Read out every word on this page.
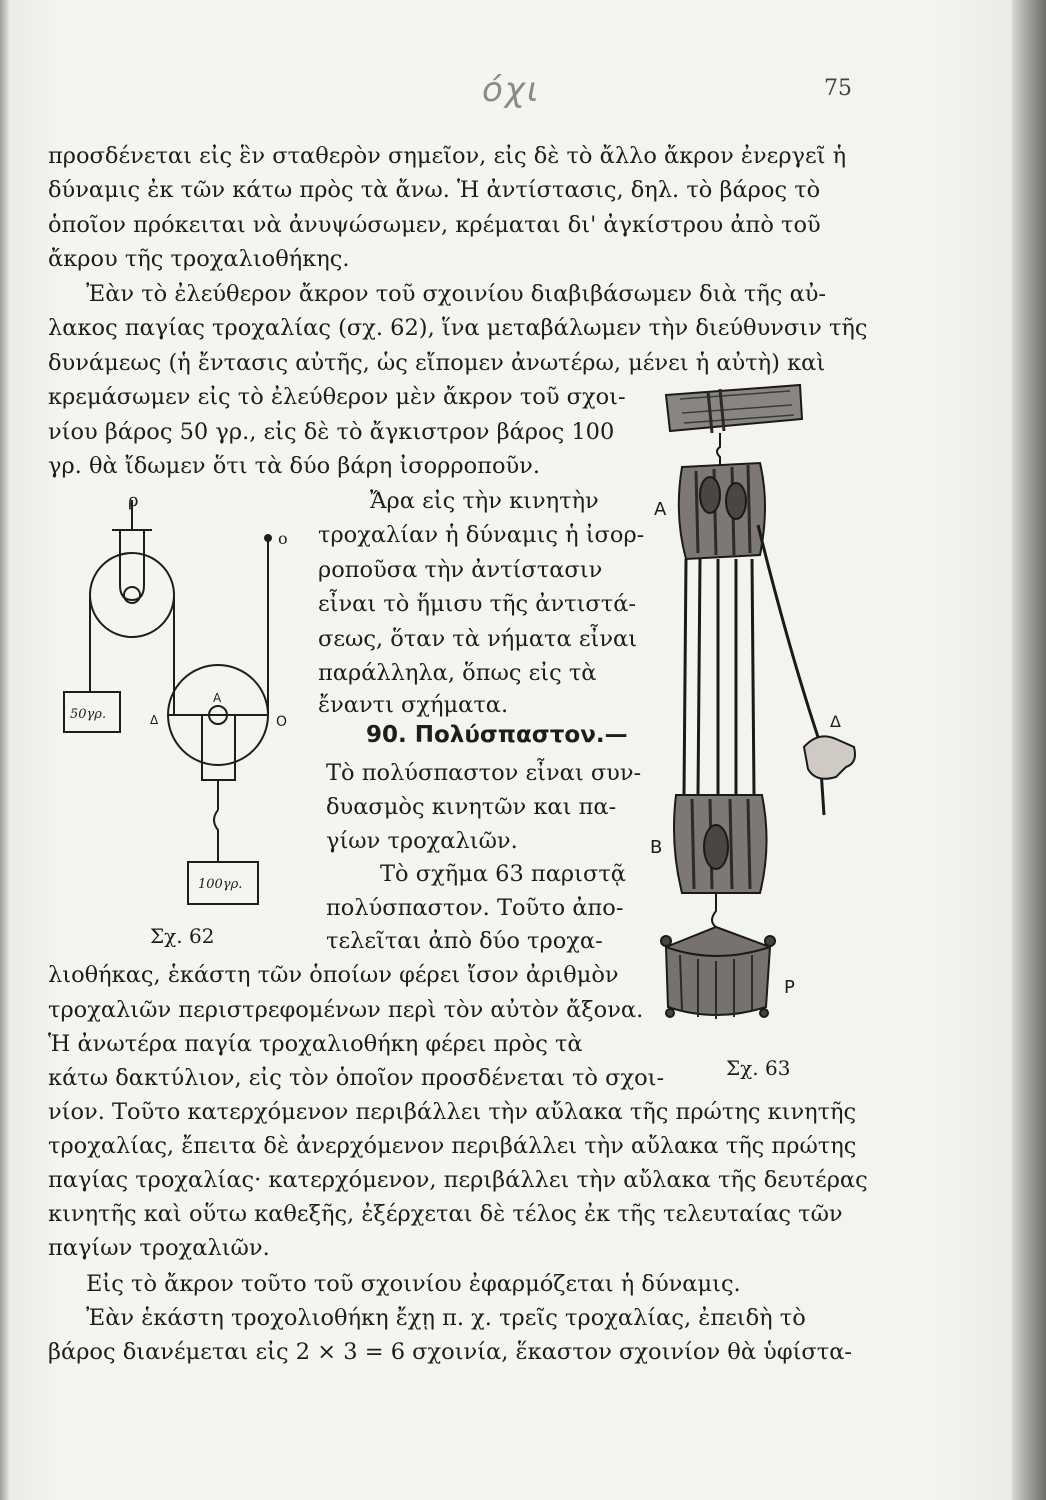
75
όχι
προσδένεται εἰς ἓν σταθερὸν σημεῖον, εἰς δὲ τὸ ἄλλο ἄκρον ἐνεργεῖ ἡ
δύναμις ἐκ τῶν κάτω πρὸς τὰ ἄνω. Ἡ ἀντίστασις, δηλ. τὸ βάρος τὸ
ὁποῖον πρόκειται νὰ ἀνυψώσωμεν, κρέμαται δι' ἀγκίστρου ἀπὸ τοῦ
ἄκρου τῆς τροχαλιοθήκης.
Ἐὰν τὸ ἐλεύθερον ἄκρον τοῦ σχοινίου διαβιβάσωμεν διὰ τῆς αὐ-
λακος παγίας τροχαλίας (σχ. 62), ἵνα μεταβάλωμεν τὴν διεύθυνσιν τῆς
δυνάμεως (ἡ ἔντασις αὐτῆς, ὡς εἴπομεν ἀνωτέρω, μένει ἡ αὐτὴ) καὶ
κρεμάσωμεν εἰς τὸ ἐλεύθερον μὲν ἄκρον τοῦ σχοι-
νίου βάρος 50 γρ., εἰς δὲ τὸ ἄγκιστρον βάρος 100
γρ. θὰ ἴδωμεν ὅτι τὰ δύο βάρη ἰσορροποῦν.
Ἄρα εἰς τὴν κινητὴν
τροχαλίαν ἡ δύναμις ἡ ἰσορ-
ροποῦσα τὴν ἀντίστασιν
εἶναι τὸ ἥμισυ τῆς ἀντιστά-
σεως, ὅταν τὰ νήματα εἶναι
παράλληλα, ὅπως εἰς τὰ
ἔναντι σχήματα.
90. Πολύσπαστον.—
Τὸ πολύσπαστον εἶναι συν-
δυασμὸς κινητῶν και πα-
γίων τροχαλιῶν.
Τὸ σχῆμα 63 παριστᾷ
πολύσπαστον. Τοῦτο ἀπο-
τελεῖται ἀπὸ δύο τροχα-
λιοθήκας, ἑκάστη τῶν ὁποίων φέρει ἴσον ἀριθμὸν
τροχαλιῶν περιστρεφομένων περὶ τὸν αὐτὸν ἄξονα.
Ἡ ἀνωτέρα παγία τροχαλιοθήκη φέρει πρὸς τὰ
κάτω δακτύλιον, εἰς τὸν ὁποῖον προσδένεται τὸ σχοι-
νίον. Τοῦτο κατερχόμενον περιβάλλει τὴν αὔλακα τῆς πρώτης κινητῆς
τροχαλίας, ἔπειτα δὲ ἀνερχόμενον περιβάλλει τὴν αὔλακα τῆς πρώτης
παγίας τροχαλίας· κατερχόμενον, περιβάλλει τὴν αὔλακα τῆς δευτέρας
κινητῆς καὶ οὕτω καθεξῆς, ἐξέρχεται δὲ τέλος ἐκ τῆς τελευταίας τῶν
παγίων τροχαλιῶν.
Εἰς τὸ ἄκρον τοῦτο τοῦ σχοινίου ἐφαρμόζεται ἡ δύναμις.
Ἐὰν ἑκάστη τροχολιοθήκη ἔχῃ π. χ. τρεῖς τροχαλίας, ἐπειδὴ τὸ
βάρος διανέμεται εἰς 2 × 3 = 6 σχοινία, ἕκαστον σχοινίον θὰ ὑφίστα-
ρ
ο
Δ
Α
Ο
50γρ.
100γρ.
Σχ. 62
A
B
P
Δ
Σχ. 63
